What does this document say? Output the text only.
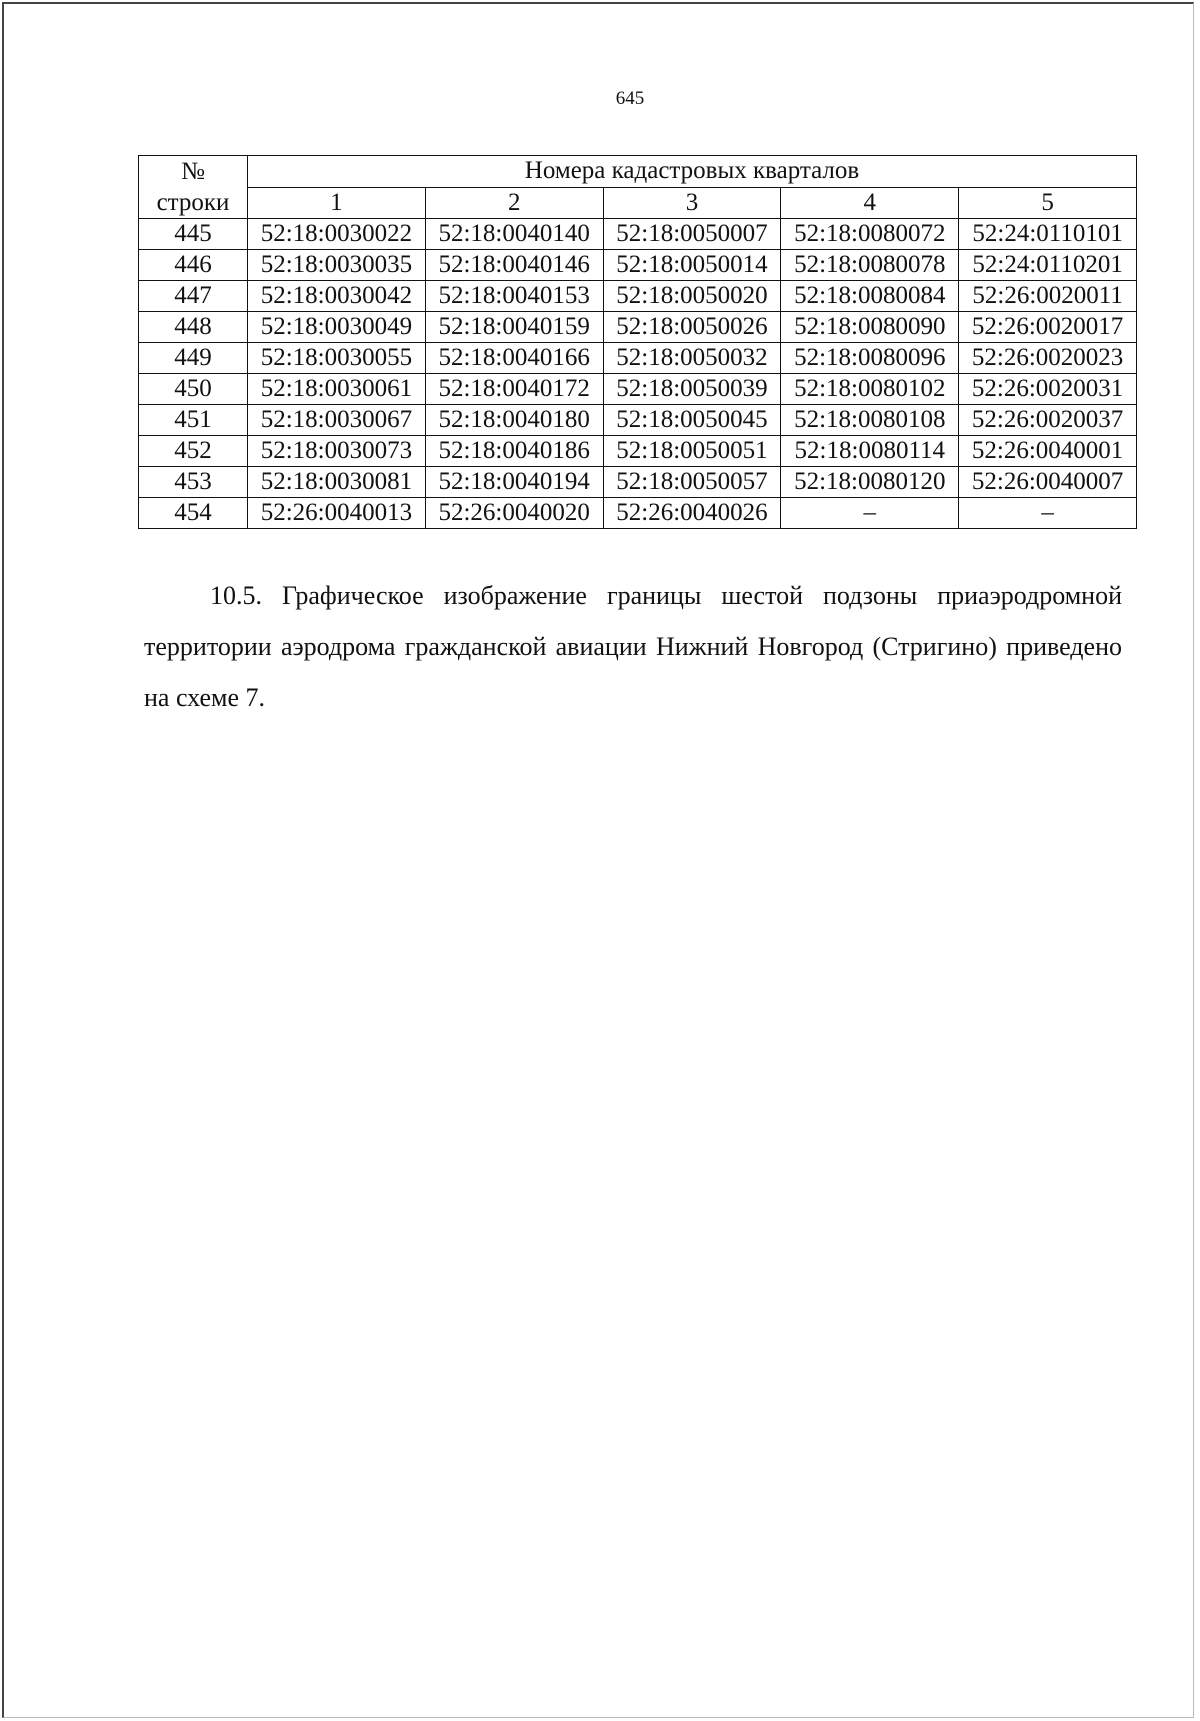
645
№
строки	Номера кадастровых кварталов				
	1	2	3	4	5
445	52:18:0030022	52:18:0040140	52:18:0050007	52:18:0080072	52:24:0110101
446	52:18:0030035	52:18:0040146	52:18:0050014	52:18:0080078	52:24:0110201
447	52:18:0030042	52:18:0040153	52:18:0050020	52:18:0080084	52:26:0020011
448	52:18:0030049	52:18:0040159	52:18:0050026	52:18:0080090	52:26:0020017
449	52:18:0030055	52:18:0040166	52:18:0050032	52:18:0080096	52:26:0020023
450	52:18:0030061	52:18:0040172	52:18:0050039	52:18:0080102	52:26:0020031
451	52:18:0030067	52:18:0040180	52:18:0050045	52:18:0080108	52:26:0020037
452	52:18:0030073	52:18:0040186	52:18:0050051	52:18:0080114	52:26:0040001
453	52:18:0030081	52:18:0040194	52:18:0050057	52:18:0080120	52:26:0040007
454	52:26:0040013	52:26:0040020	52:26:0040026	–	–

10.5. Графическое изображение границы шестой подзоны приаэродромной территории аэродрома гражданской авиации Нижний Новгород (Стригино) приведено на схеме 7.
